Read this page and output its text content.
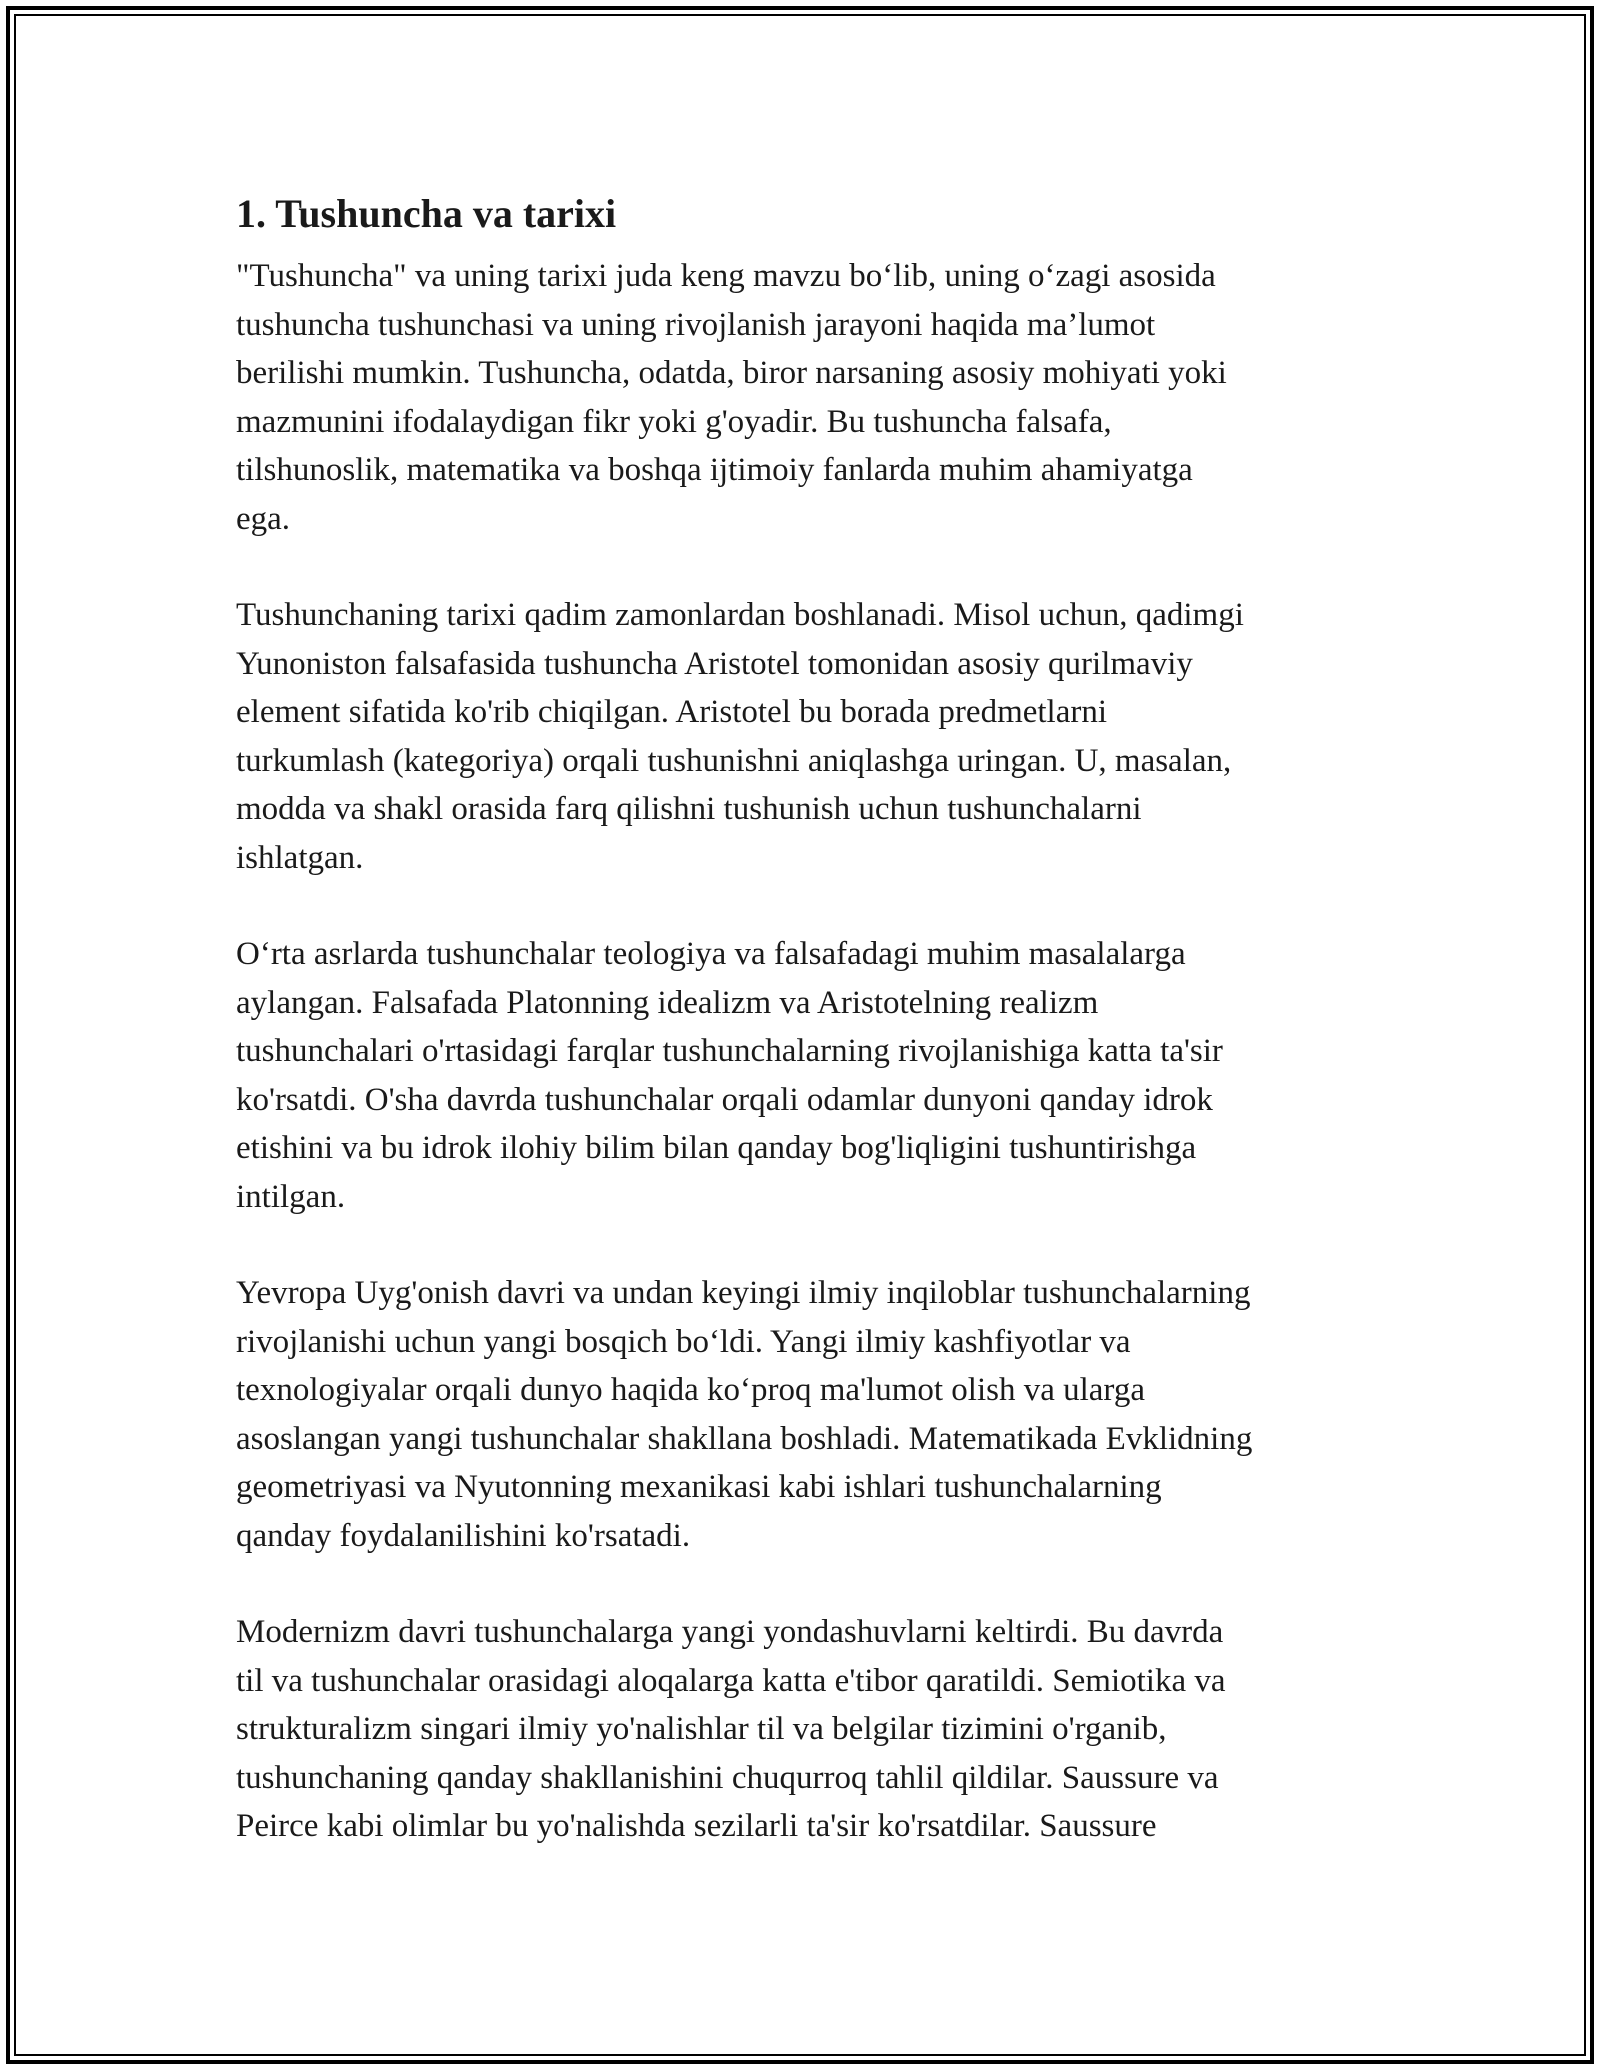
1. Tushuncha va tarixi

"Tushuncha" va uning tarixi juda keng mavzu bo‘lib, uning o‘zagi asosida
tushuncha tushunchasi va uning rivojlanish jarayoni haqida ma’lumot
berilishi mumkin. Tushuncha, odatda, biror narsaning asosiy mohiyati yoki
mazmunini ifodalaydigan fikr yoki g'oyadir. Bu tushuncha falsafa,
tilshunoslik, matematika va boshqa ijtimoiy fanlarda muhim ahamiyatga
ega.

Tushunchaning tarixi qadim zamonlardan boshlanadi. Misol uchun, qadimgi
Yunoniston falsafasida tushuncha Aristotel tomonidan asosiy qurilmaviy
element sifatida ko'rib chiqilgan. Aristotel bu borada predmetlarni
turkumlash (kategoriya) orqali tushunishni aniqlashga uringan. U, masalan,
modda va shakl orasida farq qilishni tushunish uchun tushunchalarni
ishlatgan.

O‘rta asrlarda tushunchalar teologiya va falsafadagi muhim masalalarga
aylangan. Falsafada Platonning idealizm va Aristotelning realizm
tushunchalari o'rtasidagi farqlar tushunchalarning rivojlanishiga katta ta'sir
ko'rsatdi. O'sha davrda tushunchalar orqali odamlar dunyoni qanday idrok
etishini va bu idrok ilohiy bilim bilan qanday bog'liqligini tushuntirishga
intilgan.

Yevropa Uyg'onish davri va undan keyingi ilmiy inqiloblar tushunchalarning
rivojlanishi uchun yangi bosqich bo‘ldi. Yangi ilmiy kashfiyotlar va
texnologiyalar orqali dunyo haqida ko‘proq ma'lumot olish va ularga
asoslangan yangi tushunchalar shakllana boshladi. Matematikada Evklidning
geometriyasi va Nyutonning mexanikasi kabi ishlari tushunchalarning
qanday foydalanilishini ko'rsatadi.

Modernizm davri tushunchalarga yangi yondashuvlarni keltirdi. Bu davrda
til va tushunchalar orasidagi aloqalarga katta e'tibor qaratildi. Semiotika va
strukturalizm singari ilmiy yo'nalishlar til va belgilar tizimini o'rganib,
tushunchaning qanday shakllanishini chuqurroq tahlil qildilar. Saussure va
Peirce kabi olimlar bu yo'nalishda sezilarli ta'sir ko'rsatdilar. Saussure
